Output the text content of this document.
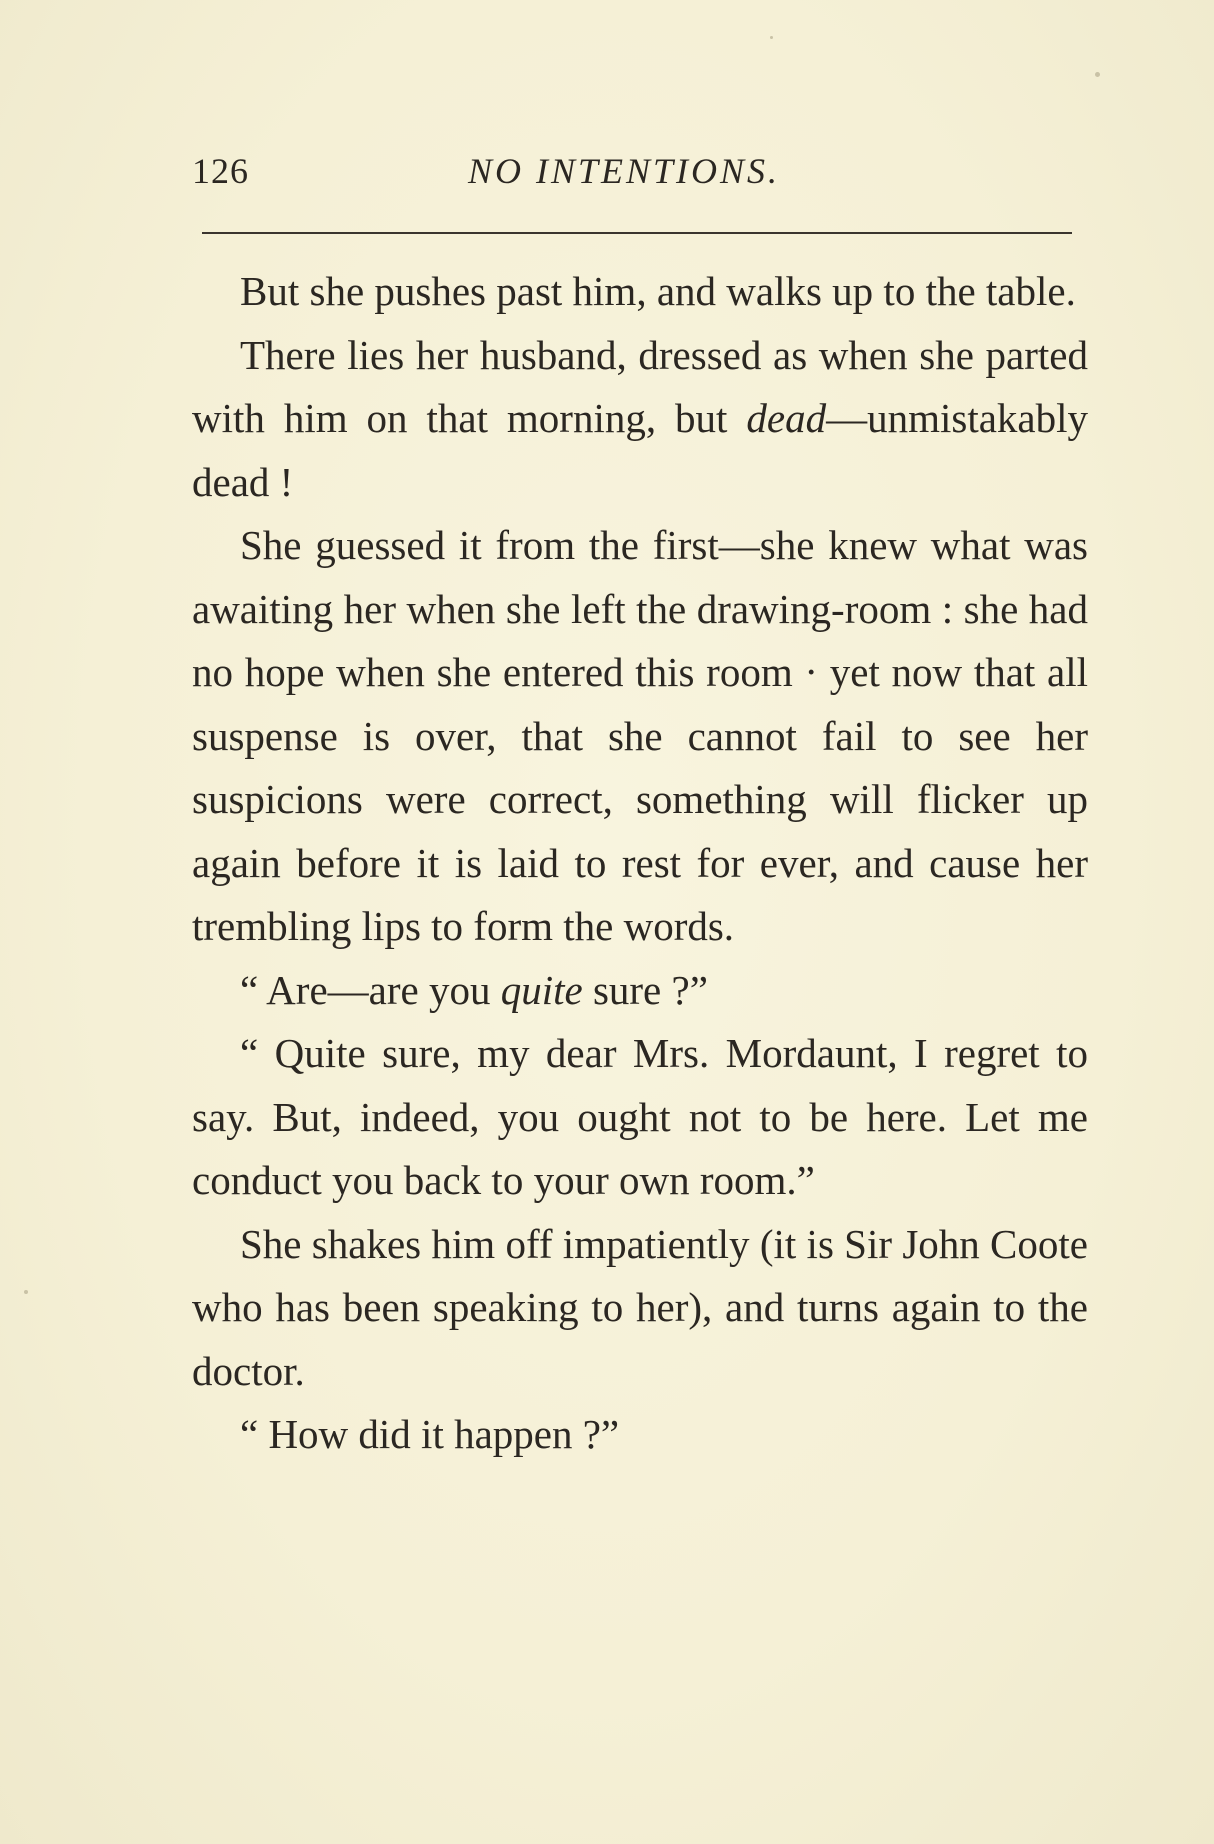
126	NO INTENTIONS.

But she pushes past him, and walks up to the table.

There lies her husband, dressed as when she parted with him on that morning, but dead—unmistakably dead !

She guessed it from the first—she knew what was awaiting her when she left the drawing-room : she had no hope when she entered this room · yet now that all suspense is over, that she cannot fail to see her suspicions were correct, something will flicker up again before it is laid to rest for ever, and cause her trembling lips to form the words.

“ Are—are you quite sure ?”

“ Quite sure, my dear Mrs. Mordaunt, I regret to say. But, indeed, you ought not to be here. Let me conduct you back to your own room.”

She shakes him off impatiently (it is Sir John Coote who has been speaking to her), and turns again to the doctor.

“ How did it happen ?”
